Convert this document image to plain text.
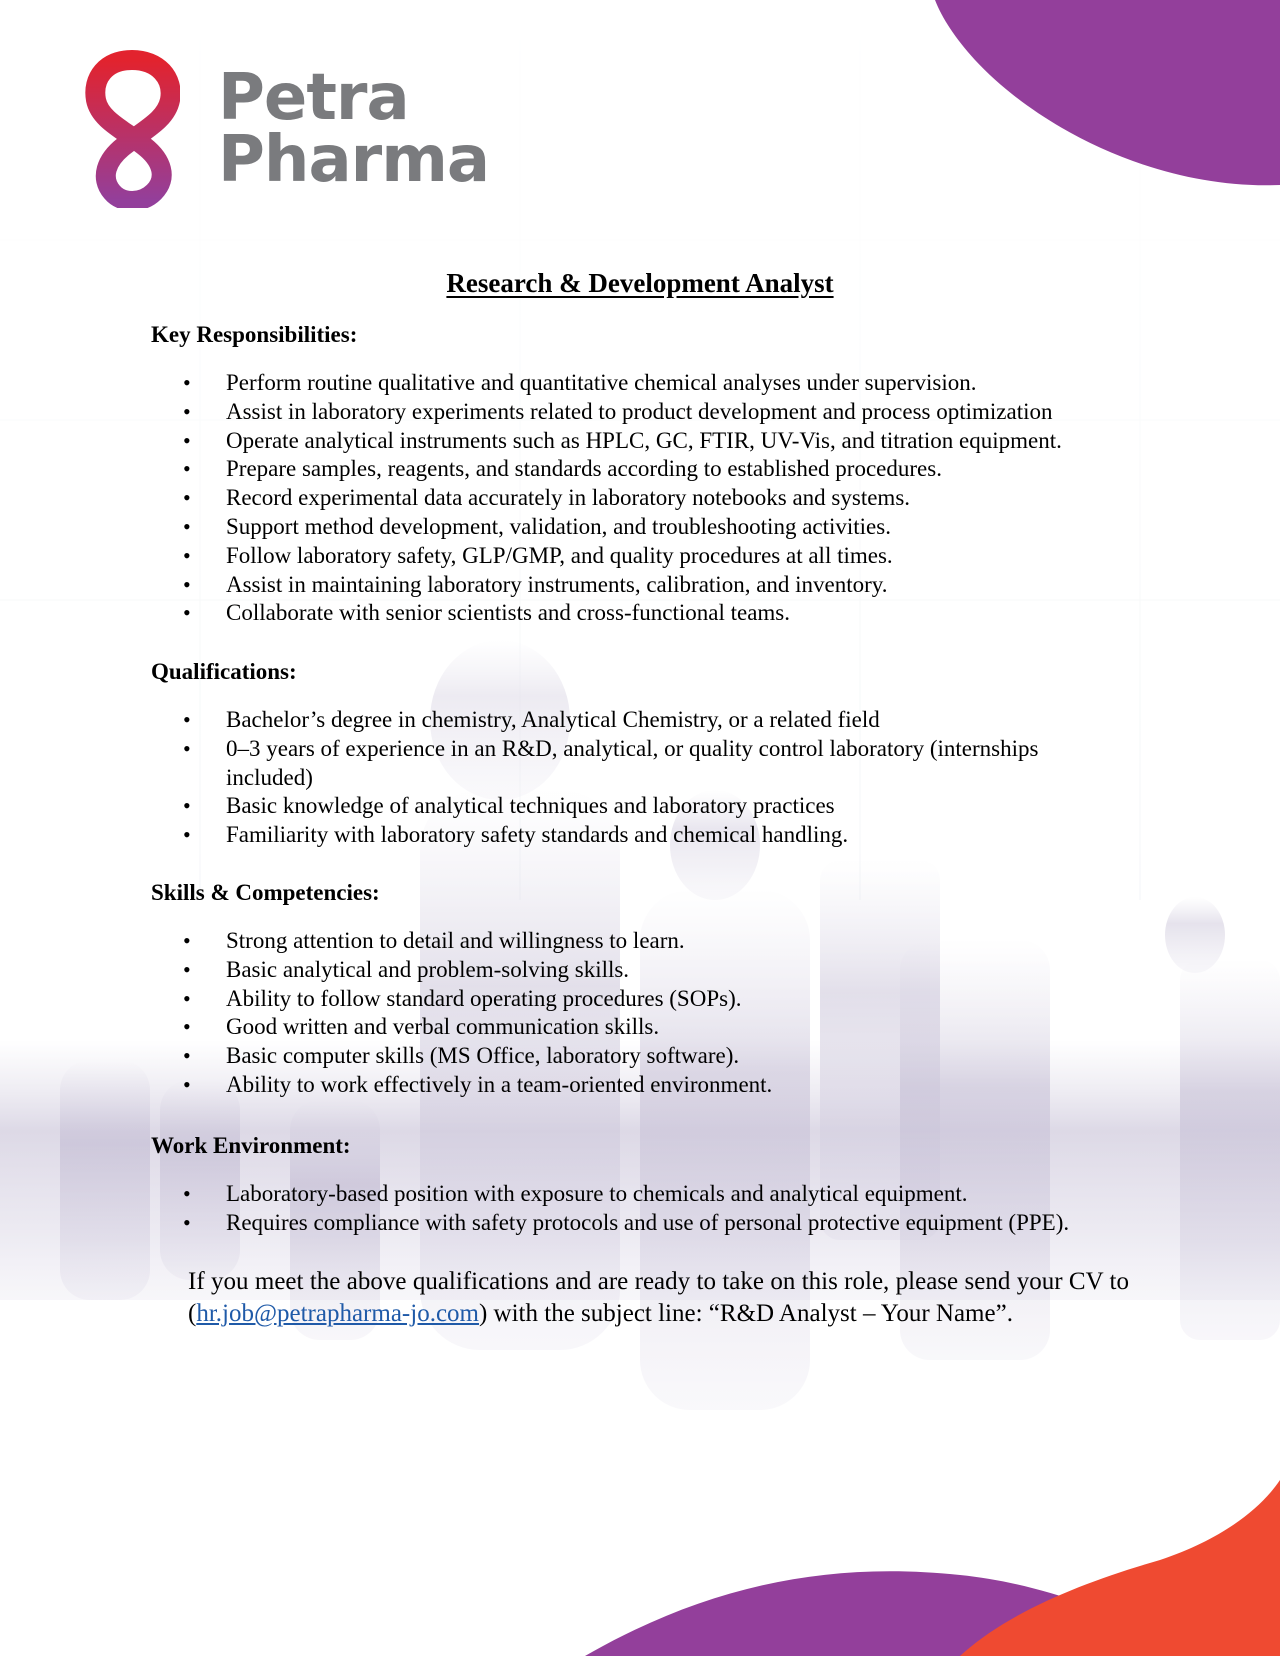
Petra
Pharma
Research & Development Analyst
Key Responsibilities:
• Perform routine qualitative and quantitative chemical analyses under supervision.
• Assist in laboratory experiments related to product development and process optimization
• Operate analytical instruments such as HPLC, GC, FTIR, UV-Vis, and titration equipment.
• Prepare samples, reagents, and standards according to established procedures.
• Record experimental data accurately in laboratory notebooks and systems.
• Support method development, validation, and troubleshooting activities.
• Follow laboratory safety, GLP/GMP, and quality procedures at all times.
• Assist in maintaining laboratory instruments, calibration, and inventory.
• Collaborate with senior scientists and cross-functional teams.
Qualifications:
• Bachelor’s degree in chemistry, Analytical Chemistry, or a related field
• 0–3 years of experience in an R&D, analytical, or quality control laboratory (internships included)
• Basic knowledge of analytical techniques and laboratory practices
• Familiarity with laboratory safety standards and chemical handling.
Skills & Competencies:
• Strong attention to detail and willingness to learn.
• Basic analytical and problem-solving skills.
• Ability to follow standard operating procedures (SOPs).
• Good written and verbal communication skills.
• Basic computer skills (MS Office, laboratory software).
• Ability to work effectively in a team-oriented environment.
Work Environment:
• Laboratory-based position with exposure to chemicals and analytical equipment.
• Requires compliance with safety protocols and use of personal protective equipment (PPE).
If you meet the above qualifications and are ready to take on this role, please send your CV to (hr.job@petrapharma-jo.com) with the subject line: “R&D Analyst – Your Name”.
